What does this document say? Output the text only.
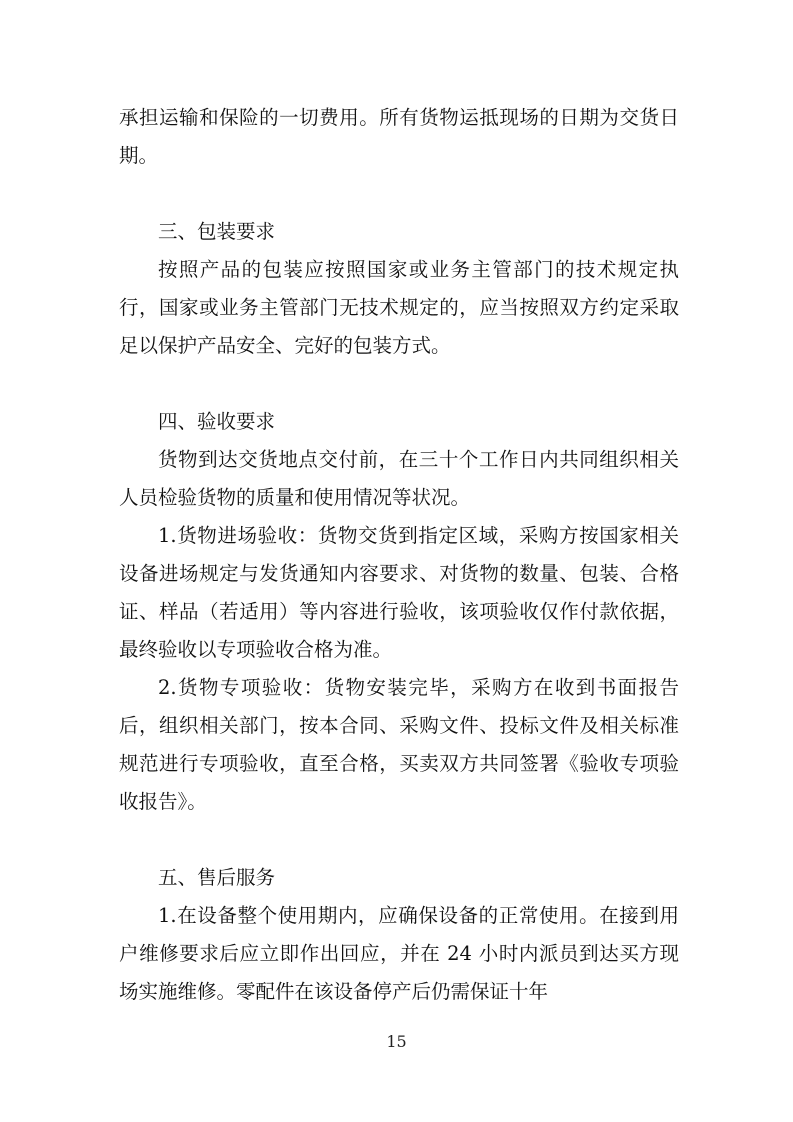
承担运输和保险的一切费用。所有货物运抵现场的日期为交货日期。

三、包装要求

按照产品的包装应按照国家或业务主管部门的技术规定执行，国家或业务主管部门无技术规定的，应当按照双方约定采取足以保护产品安全、完好的包装方式。

四、验收要求

货物到达交货地点交付前，在三十个工作日内共同组织相关人员检验货物的质量和使用情况等状况。

1.货物进场验收：货物交货到指定区域，采购方按国家相关设备进场规定与发货通知内容要求、对货物的数量、包装、合格证、样品（若适用）等内容进行验收，该项验收仅作付款依据，最终验收以专项验收合格为准。

2.货物专项验收：货物安装完毕，采购方在收到书面报告后，组织相关部门，按本合同、采购文件、投标文件及相关标准规范进行专项验收，直至合格，买卖双方共同签署《验收专项验收报告》。

五、售后服务

1.在设备整个使用期内，应确保设备的正常使用。在接到用户维修要求后应立即作出回应，并在 24 小时内派员到达买方现场实施维修。零配件在该设备停产后仍需保证十年

15
